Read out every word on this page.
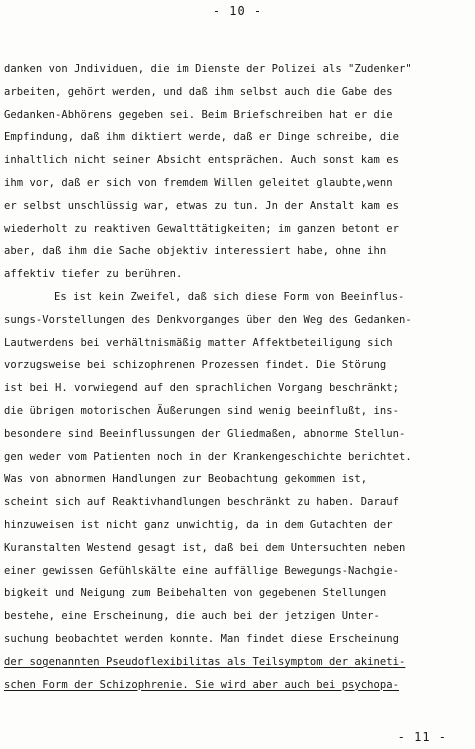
- 10 -
danken von Jndividuen, die im Dienste der Polizei als "Zudenker"
arbeiten, gehört werden, und daß ihm selbst auch die Gabe des
Gedanken-Abhörens gegeben sei. Beim Briefschreiben hat er die
Empfindung, daß ihm diktiert werde, daß er Dinge schreibe, die
inhaltlich nicht seiner Absicht entsprächen. Auch sonst kam es
ihm vor, daß er sich von fremdem Willen geleitet glaubte,wenn
er selbst unschlüssig war, etwas zu tun. Jn der Anstalt kam es
wiederholt zu reaktiven Gewalttätigkeiten; im ganzen betont er
aber, daß ihm die Sache objektiv interessiert habe, ohne ihn
affektiv tiefer zu berühren.
Es ist kein Zweifel, daß sich diese Form von Beeinflus-
sungs-Vorstellungen des Denkvorganges über den Weg des Gedanken-
Lautwerdens bei verhältnismäßig matter Affektbeteiligung sich
vorzugsweise bei schizophrenen Prozessen findet. Die Störung
ist bei H. vorwiegend auf den sprachlichen Vorgang beschränkt;
die übrigen motorischen Äußerungen sind wenig beeinflußt, ins-
besondere sind Beeinflussungen der Gliedmaßen, abnorme Stellun-
gen weder vom Patienten noch in der Krankengeschichte berichtet.
Was von abnormen Handlungen zur Beobachtung gekommen ist,
scheint sich auf Reaktivhandlungen beschränkt zu haben. Darauf
hinzuweisen ist nicht ganz unwichtig, da in dem Gutachten der
Kuranstalten Westend gesagt ist, daß bei dem Untersuchten neben
einer gewissen Gefühlskälte eine auffällige Bewegungs-Nachgie-
bigkeit und Neigung zum Beibehalten von gegebenen Stellungen
bestehe, eine Erscheinung, die auch bei der jetzigen Unter-
suchung beobachtet werden konnte. Man findet diese Erscheinung
der sogenannten Pseudoflexibilitas als Teilsymptom der akineti-
schen Form der Schizophrenie. Sie wird aber auch bei psychopa-
- 11 -
